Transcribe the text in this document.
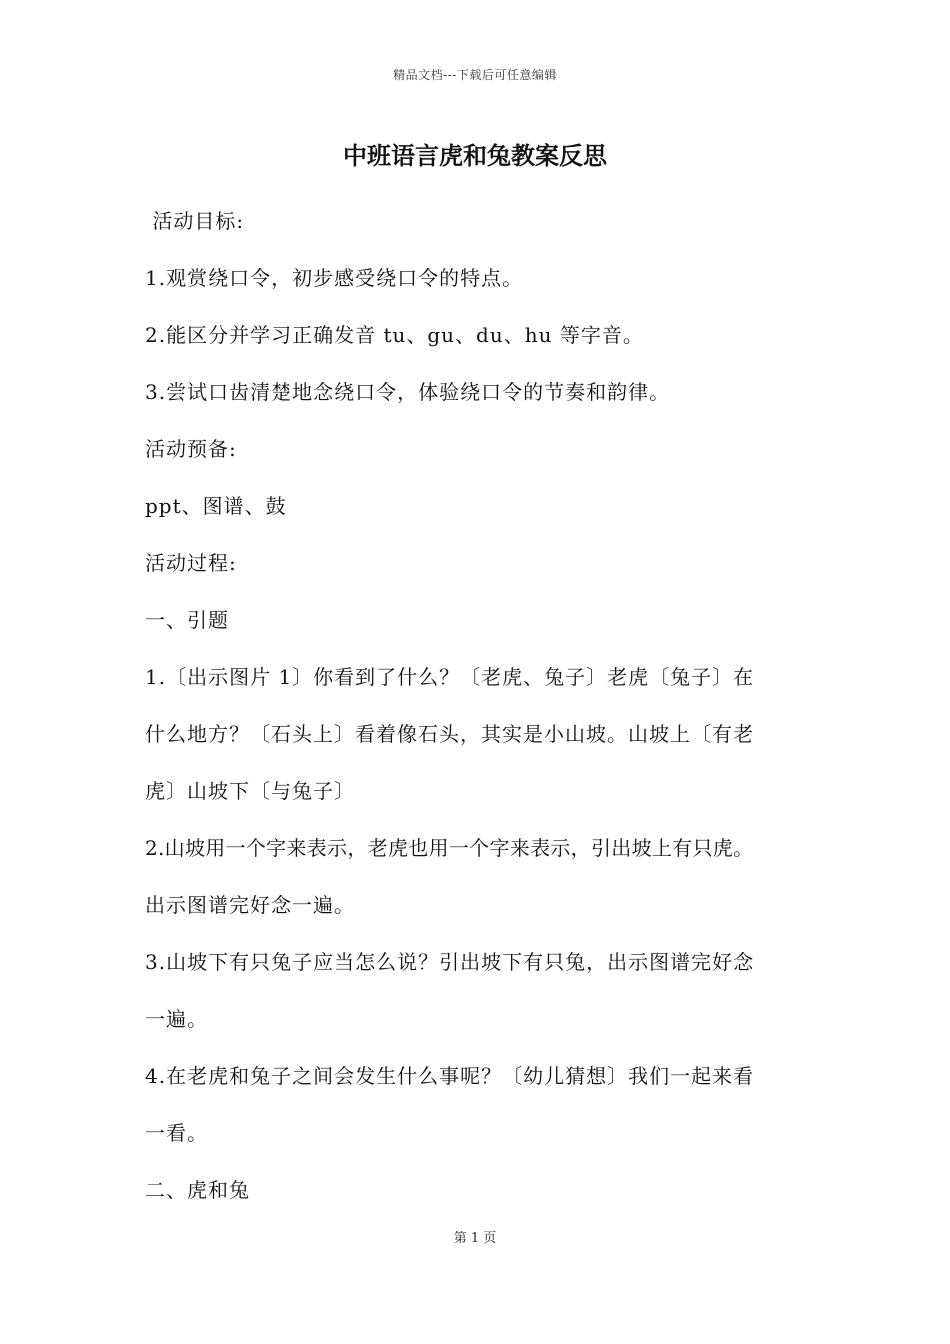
精品文档---下载后可任意编辑
中班语言虎和兔教案反思
活动目标:
1.观赏绕口令，初步感受绕口令的特点。
2.能区分并学习正确发音 tu、gu、du、hu 等字音。
3.尝试口齿清楚地念绕口令，体验绕口令的节奏和韵律。
活动预备:
ppt、图谱、鼓
活动过程:
一、引题
1.〔出示图片 1〕你看到了什么？〔老虎、兔子〕老虎〔兔子〕在
什么地方？〔石头上〕看着像石头，其实是小山坡。山坡上〔有老
虎〕山坡下〔与兔子〕
2.山坡用一个字来表示，老虎也用一个字来表示，引出坡上有只虎。
出示图谱完好念一遍。
3.山坡下有只兔子应当怎么说？引出坡下有只兔，出示图谱完好念
一遍。
4.在老虎和兔子之间会发生什么事呢？〔幼儿猜想〕我们一起来看
一看。
二、虎和兔
第 1 页
